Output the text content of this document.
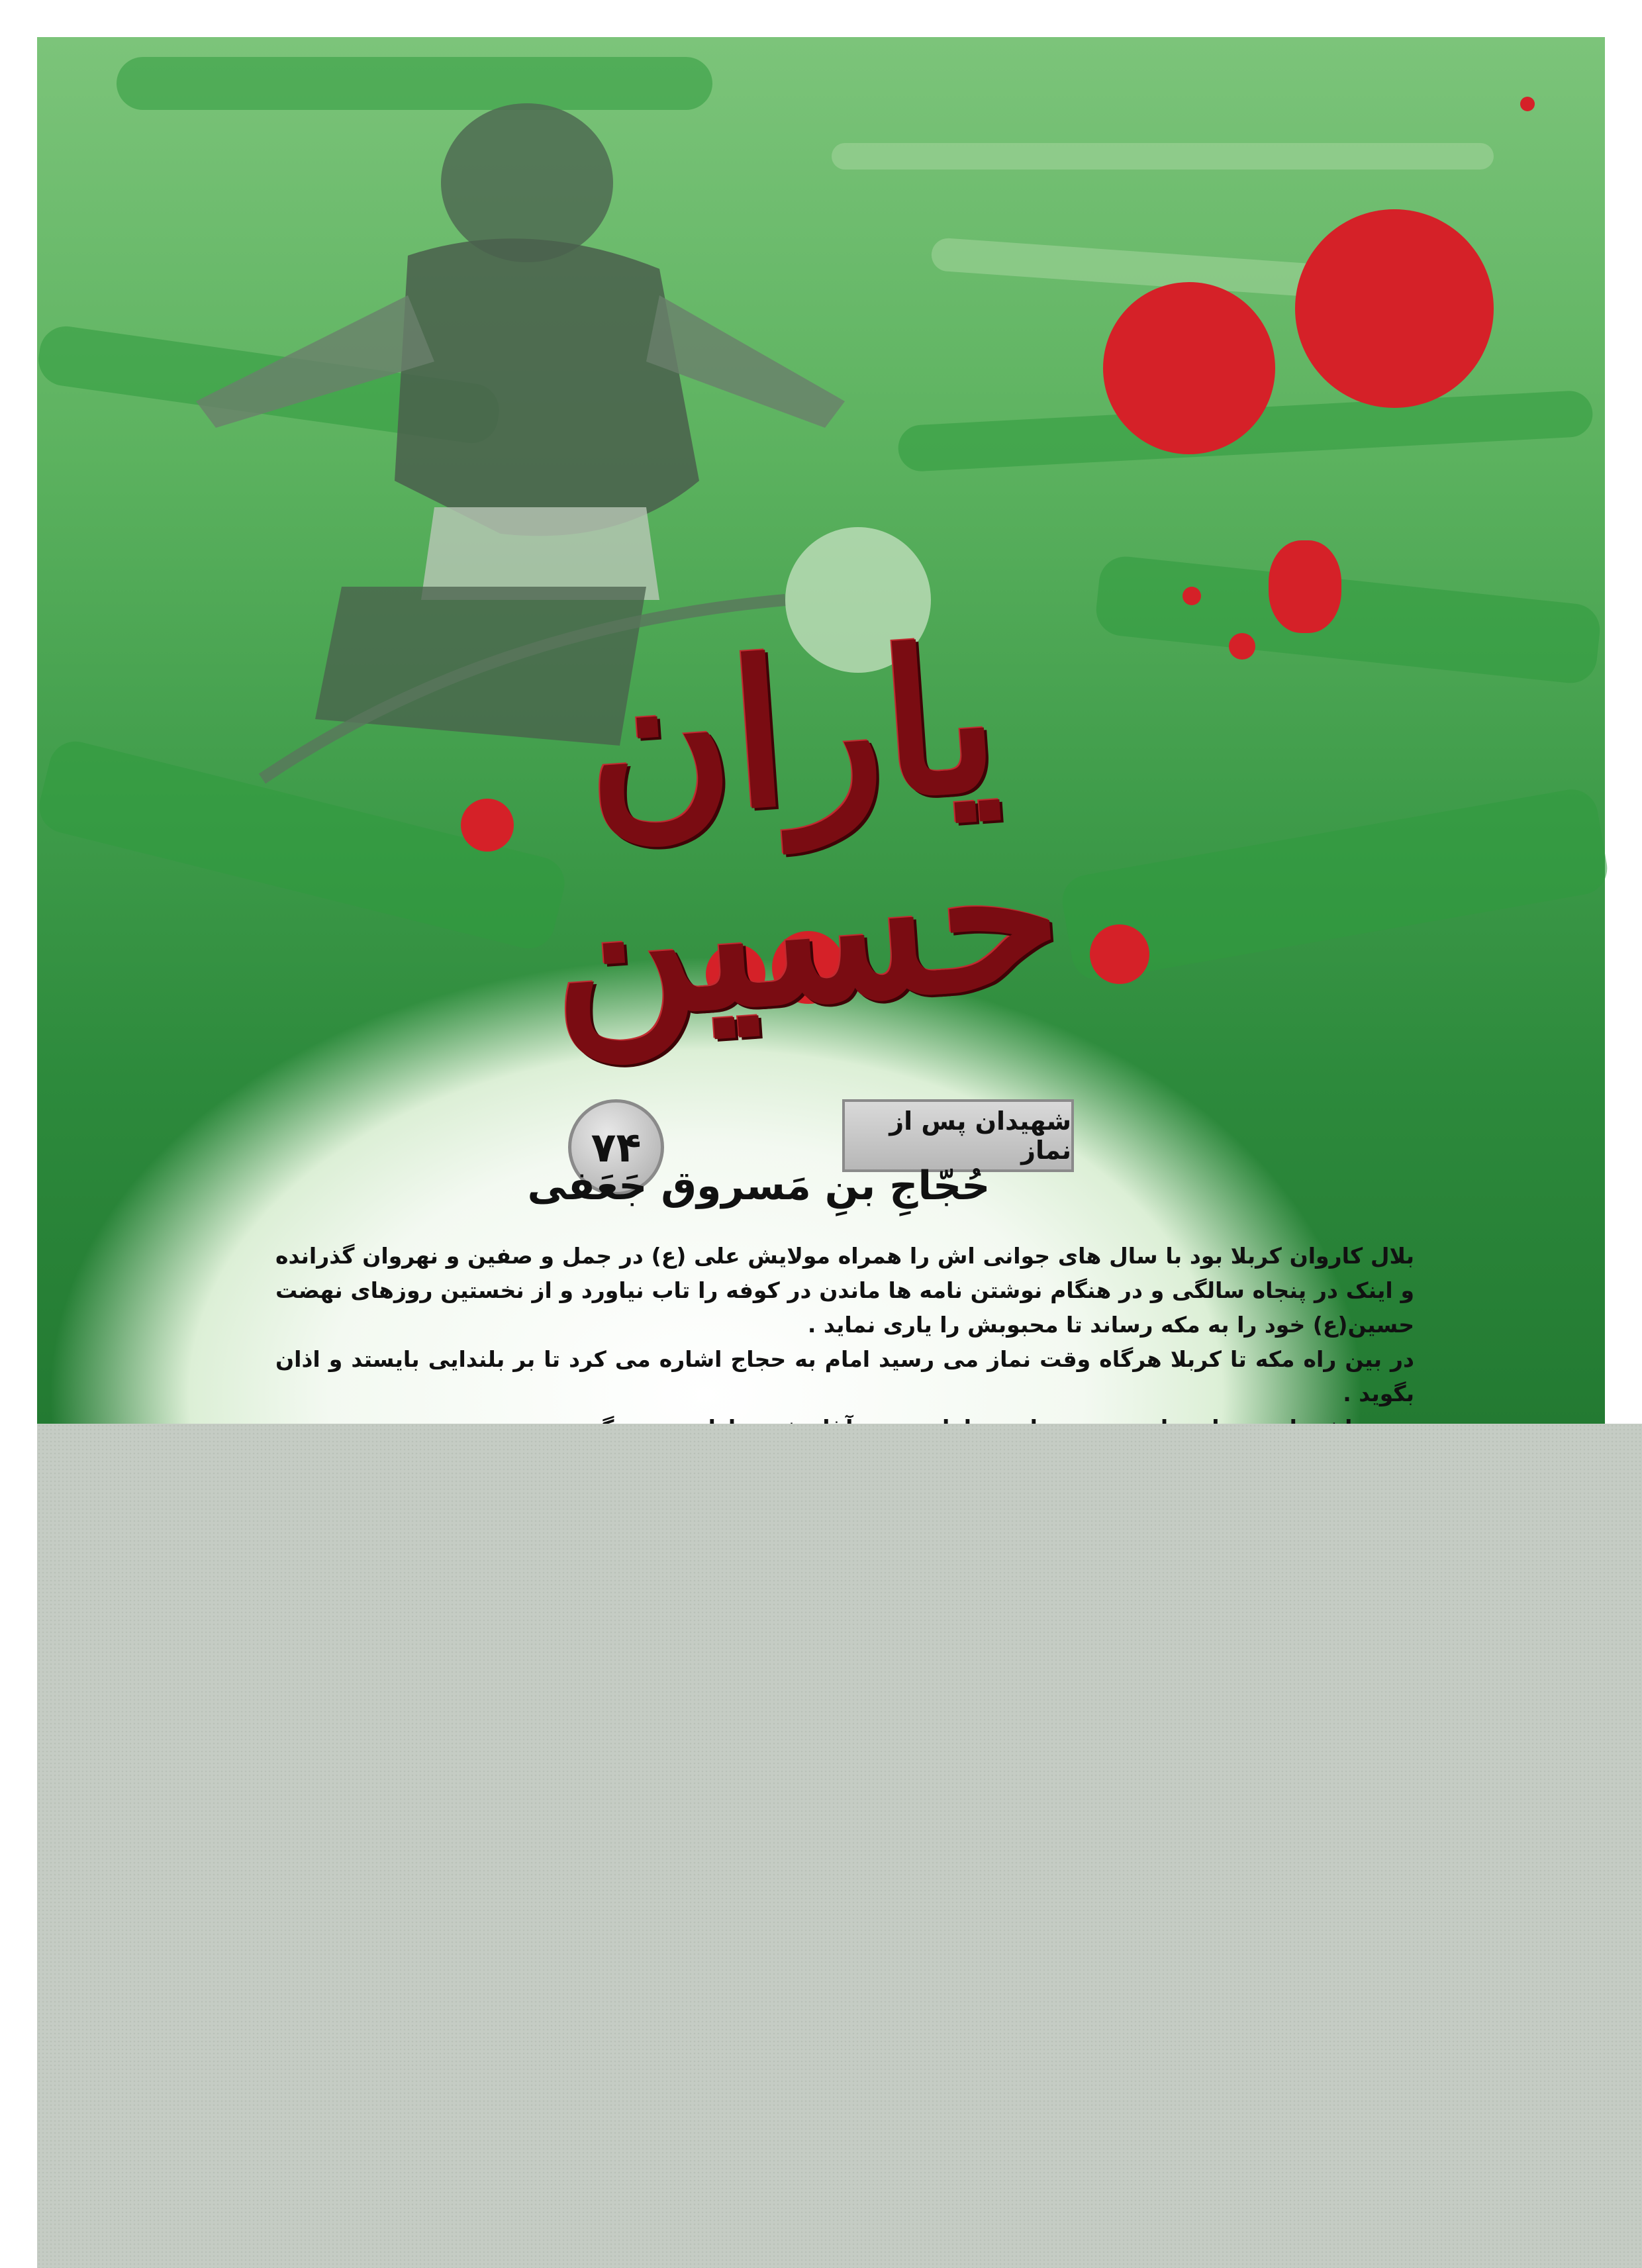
یاران حسین
شهیدان پس از نماز
۷۴
حُجّاجِ بنِ مَسروق جَعَفی

بلال کاروان کربلا بود با سال های جوانی اش را همراه مولایش علی (ع) در جمل و صفین و نهروان گذرانده و اینک در پنجاه سالگی و در هنگام نوشتن نامه ها ماندن در کوفه را تاب نیاورد و از نخستین روزهای نهضت حسین(ع) خود را به مکه رساند تا محبوبش را یاری نماید .

در بین راه مکه تا کربلا هرگاه وقت نماز می رسید امام به حجاج اشاره می کرد تا بر بلندایی بایستد و اذان بگوید .
